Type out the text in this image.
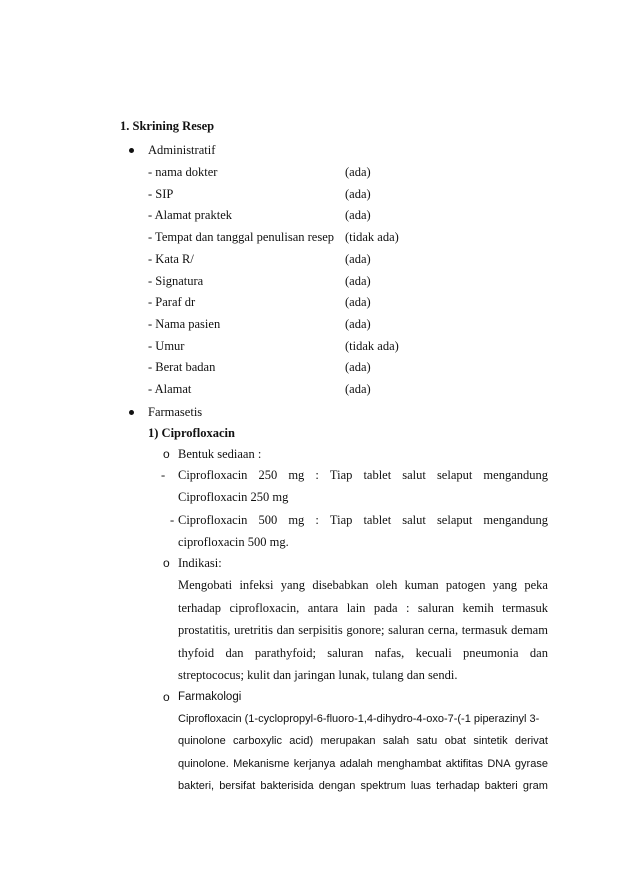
1. Skrining Resep
Administratif
- nama dokter	(ada)
- SIP	(ada)
- Alamat praktek	(ada)
- Tempat dan tanggal penulisan resep (tidak ada)
- Kata R/	(ada)
- Signatura	(ada)
- Paraf dr	(ada)
- Nama pasien	(ada)
- Umur	(tidak ada)
- Berat badan	(ada)
- Alamat	(ada)
Farmasetis
1) Ciprofloxacin
o Bentuk sediaan :
- Ciprofloxacin 250 mg : Tiap tablet salut selaput mengandung
Ciprofloxacin 250 mg
- Ciprofloxacin 500 mg : Tiap tablet salut selaput mengandung
ciprofloxacin 500 mg.
o Indikasi:
Mengobati infeksi yang disebabkan oleh kuman patogen yang peka
terhadap ciprofloxacin, antara lain pada : saluran kemih termasuk
prostatitis, uretritis dan serpisitis gonore; saluran cerna, termasuk demam
thyfoid dan parathyfoid; saluran nafas, kecuali pneumonia dan
streptococus; kulit dan jaringan lunak, tulang dan sendi.
o Farmakologi
Ciprofloxacin (1-cyclopropyl-6-fluoro-1,4-dihydro-4-oxo-7-(-1 piperazinyl 3-
quinolone carboxylic acid) merupakan salah satu obat sintetik derivat
quinolone. Mekanisme kerjanya adalah menghambat aktifitas DNA gyrase
bakteri, bersifat bakterisida dengan spektrum luas terhadap bakteri gram
